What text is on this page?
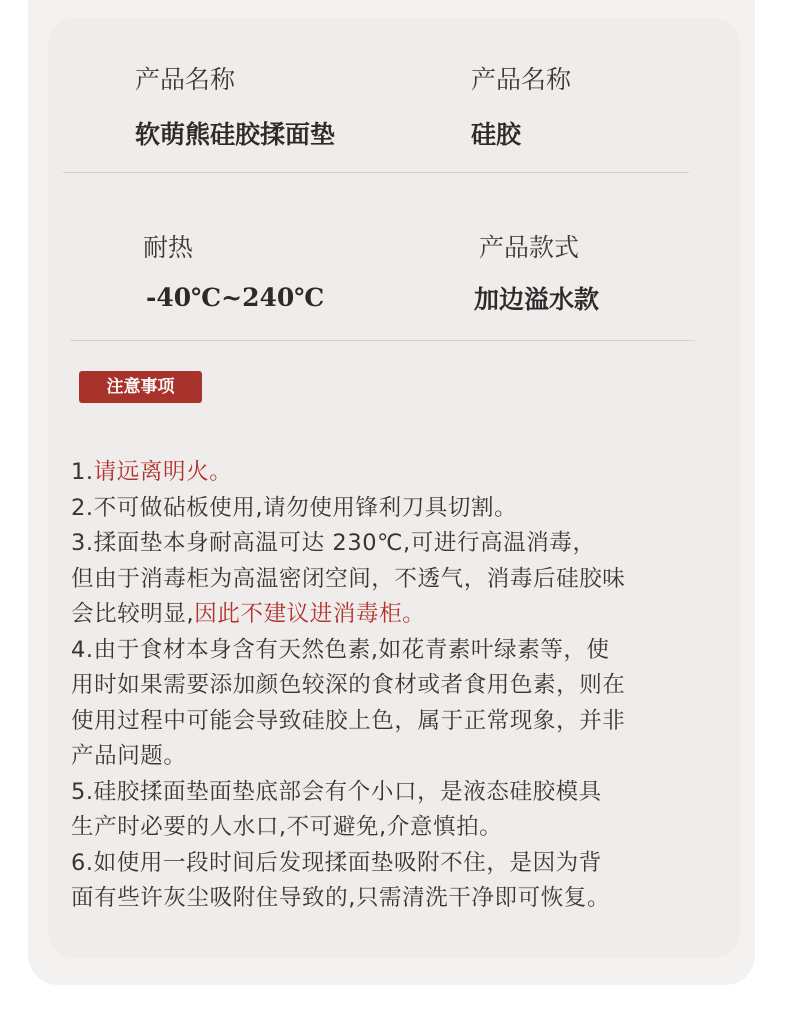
产品名称
软萌熊硅胶揉面垫
产品名称
硅胶
耐热
-40℃~240℃
产品款式
加边溢水款
注意事项
1.请远离明火。
2.不可做砧板使用,请勿使用锋利刀具切割。
3.揉面垫本身耐高温可达 230℃,可进行高温消毒，
但由于消毒柜为高温密闭空间，不透气，消毒后硅胶味
会比较明显,因此不建议进消毒柜。
4.由于食材本身含有天然色素,如花青素叶绿素等，使
用时如果需要添加颜色较深的食材或者食用色素，则在
使用过程中可能会导致硅胶上色，属于正常现象，并非
产品问题。
5.硅胶揉面垫面垫底部会有个小口，是液态硅胶模具
生产时必要的人水口,不可避免,介意慎拍。
6.如使用一段时间后发现揉面垫吸附不住，是因为背
面有些许灰尘吸附住导致的,只需清洗干净即可恢复。
